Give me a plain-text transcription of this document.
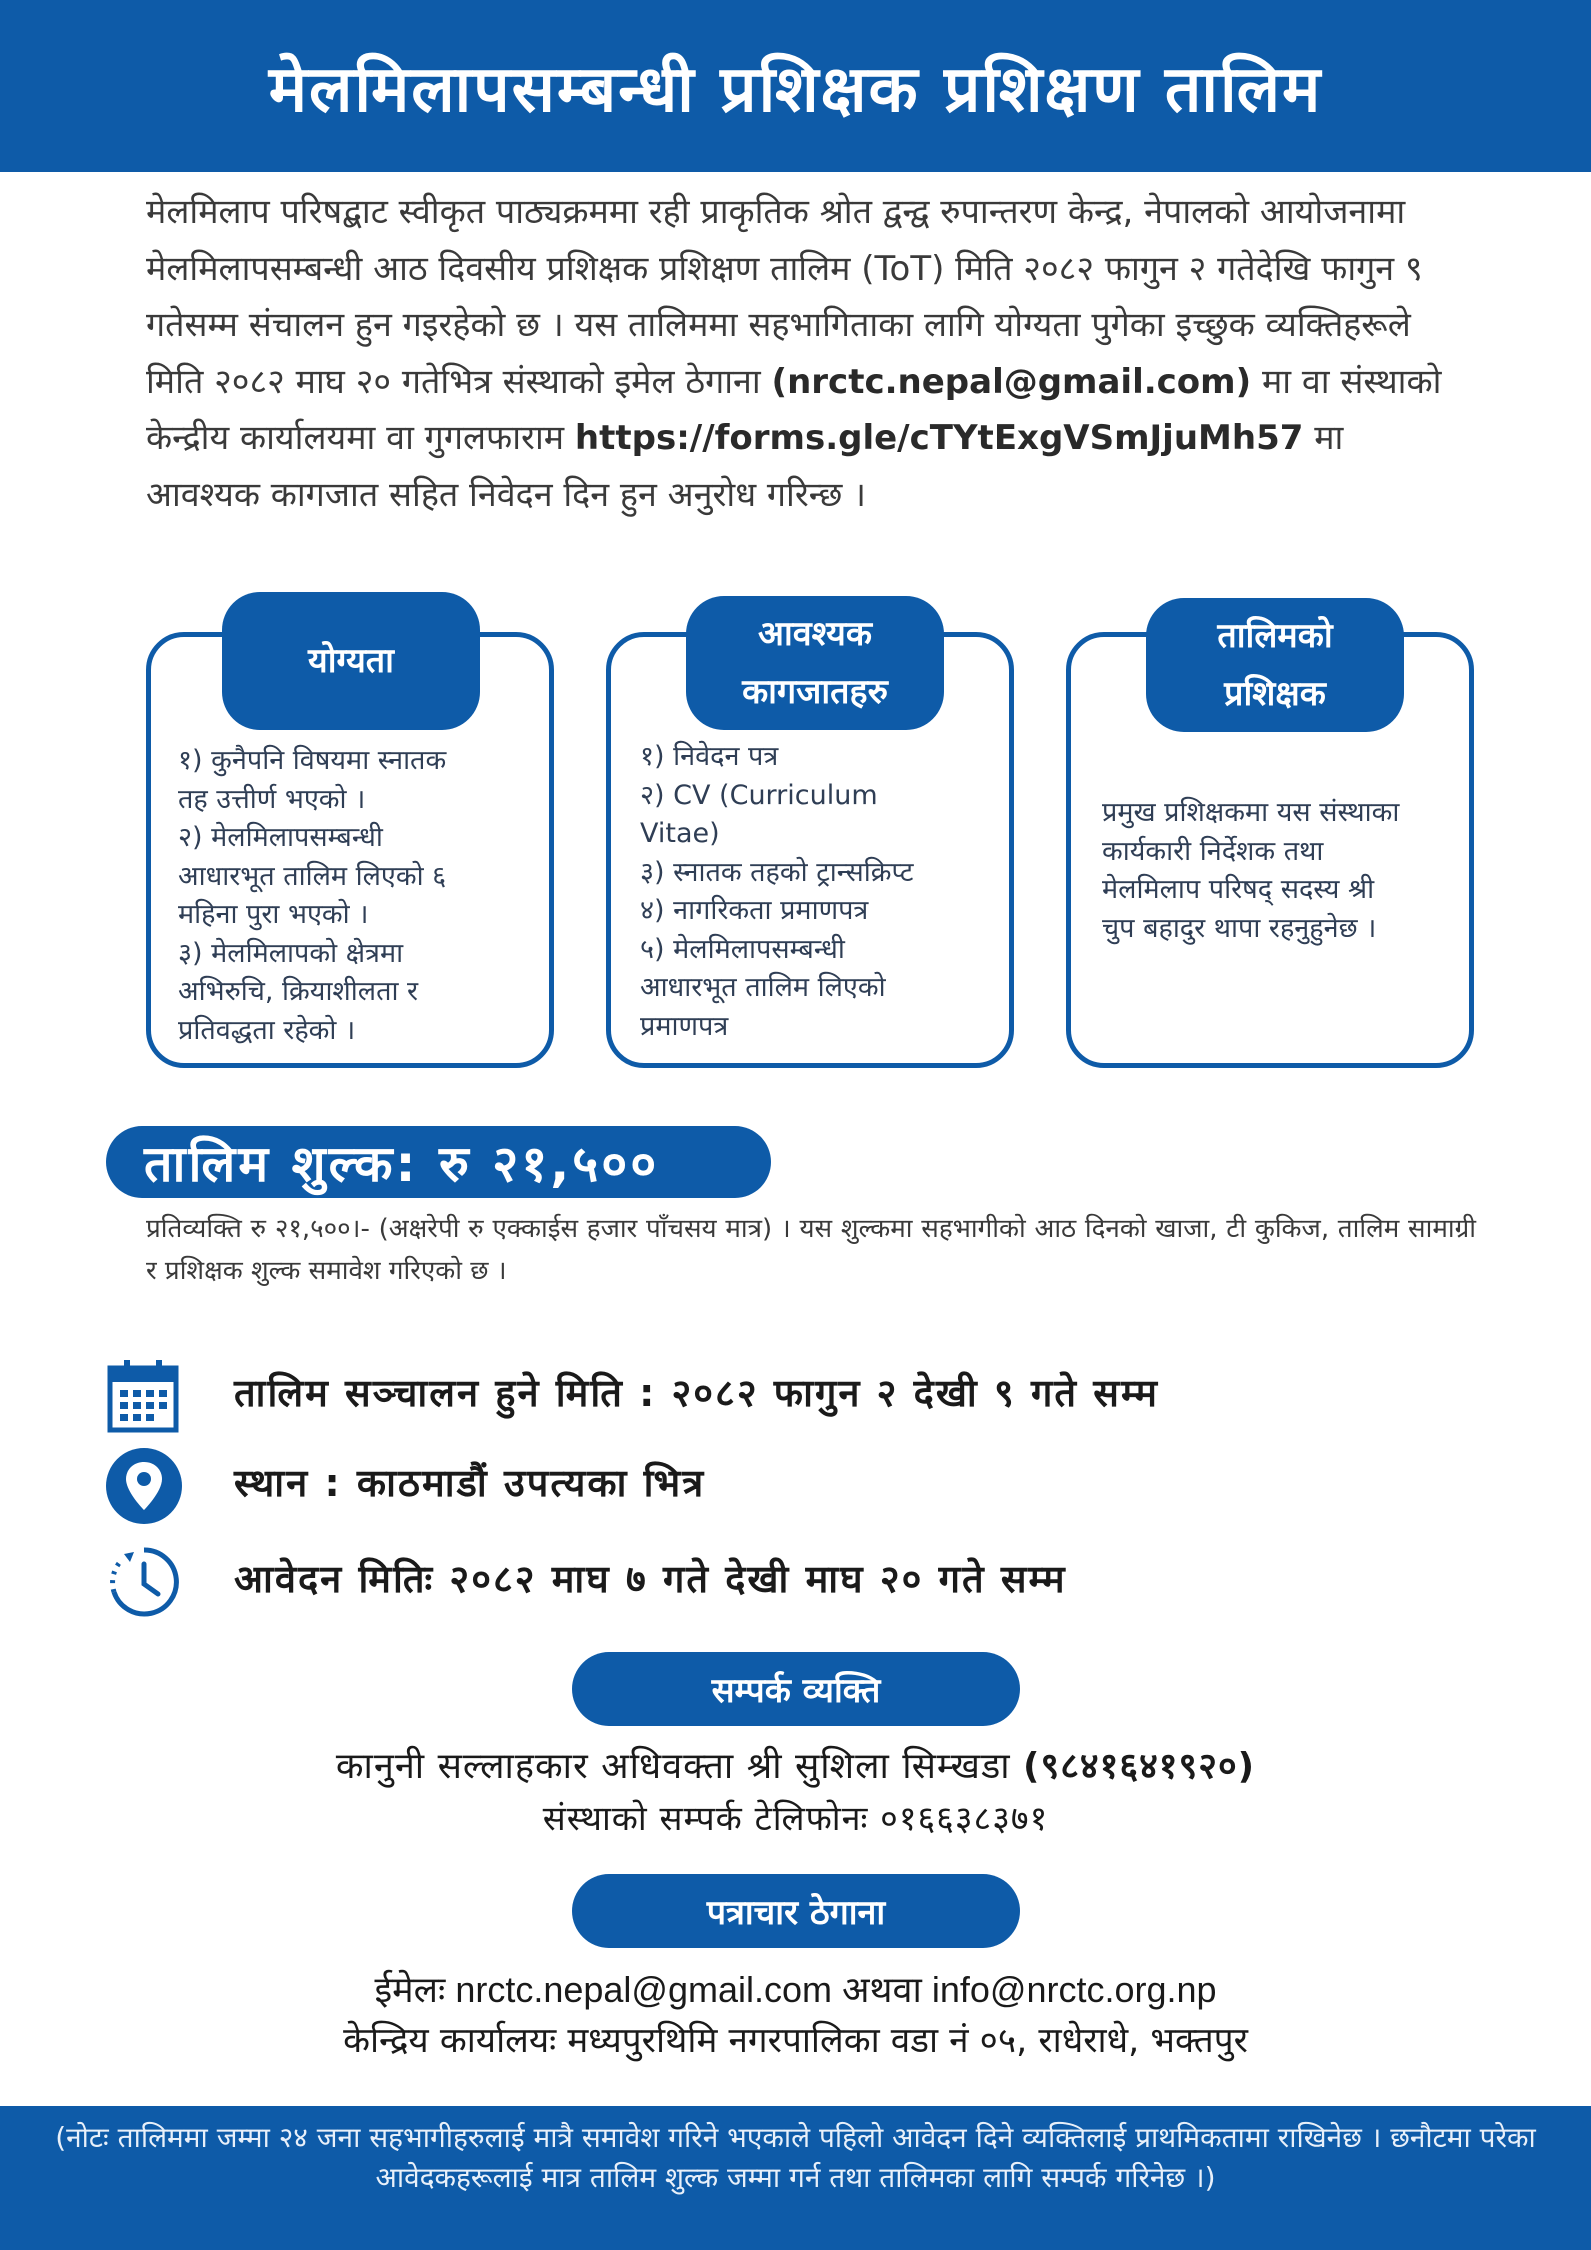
मेलमिलापसम्बन्धी प्रशिक्षक प्रशिक्षण तालिम
मेलमिलाप परिषद्बाट स्वीकृत पाठ्यक्रममा रही प्राकृतिक श्रोत द्वन्द्व रुपान्तरण केन्द्र, नेपालको आयोजनामा मेलमिलापसम्बन्धी आठ दिवसीय प्रशिक्षक प्रशिक्षण तालिम (ToT) मिति २०८२ फागुन २ गतेदेखि फागुन ९ गतेसम्म संचालन हुन गइरहेको छ । यस तालिममा सहभागिताका लागि योग्यता पुगेका इच्छुक व्यक्तिहरूले मिति २०८२ माघ २० गतेभित्र संस्थाको इमेल ठेगाना (nrctc.nepal@gmail.com) मा वा संस्थाको केन्द्रीय कार्यालयमा वा गुगलफाराम https://forms.gle/cTYtExgVSmJjuMh57 मा आवश्यक कागजात सहित निवेदन दिन हुन अनुरोध गरिन्छ ।
योग्यता
१) कुनैपनि विषयमा स्नातक
तह उत्तीर्ण भएको ।
२) मेलमिलापसम्बन्धी
आधारभूत तालिम लिएको ६
महिना पुरा भएको ।
३) मेलमिलापको क्षेत्रमा
अभिरुचि, क्रियाशीलता र
प्रतिवद्धता रहेको ।
आवश्यक
कागजातहरु
१) निवेदन पत्र
२) CV (Curriculum
Vitae)
३) स्नातक तहको ट्रान्सक्रिप्ट
४) नागरिकता प्रमाणपत्र
५) मेलमिलापसम्बन्धी
आधारभूत तालिम लिएको
प्रमाणपत्र
तालिमको
प्रशिक्षक
प्रमुख प्रशिक्षकमा यस संस्थाका
कार्यकारी निर्देशक तथा
मेलमिलाप परिषद् सदस्य श्री
चुप बहादुर थापा रहनुहुनेछ ।
तालिम शुल्क: रु २१,५००
प्रतिव्यक्ति रु २१,५००।- (अक्षरेपी रु एक्काईस हजार पाँचसय मात्र) । यस शुल्कमा सहभागीको आठ दिनको खाजा, टी कुकिज, तालिम सामाग्री र प्रशिक्षक शुल्क समावेश गरिएको छ ।
तालिम सञ्चालन हुने मिति : २०८२ फागुन २ देखी ९ गते सम्म
स्थान : काठमाडौं उपत्यका भित्र
आवेदन मितिः २०८२ माघ ७ गते देखी माघ २० गते सम्म
सम्पर्क व्यक्ति
कानुनी सल्लाहकार अधिवक्ता श्री सुशिला सिम्खडा (९८४१६४१९२०)
संस्थाको सम्पर्क टेलिफोनः ०१६६३८३७१
पत्राचार ठेगाना
ईमेलः nrctc.nepal@gmail.com अथवा info@nrctc.org.np
केन्द्रिय कार्यालयः मध्यपुरथिमि नगरपालिका वडा नं ०५, राधेराधे, भक्तपुर
(नोटः तालिममा जम्मा २४ जना सहभागीहरुलाई मात्रै समावेश गरिने भएकाले पहिलो आवेदन दिने व्यक्तिलाई प्राथमिकतामा राखिनेछ । छनौटमा परेका आवेदकहरूलाई मात्र तालिम शुल्क जम्मा गर्न तथा तालिमका लागि सम्पर्क गरिनेछ ।)
